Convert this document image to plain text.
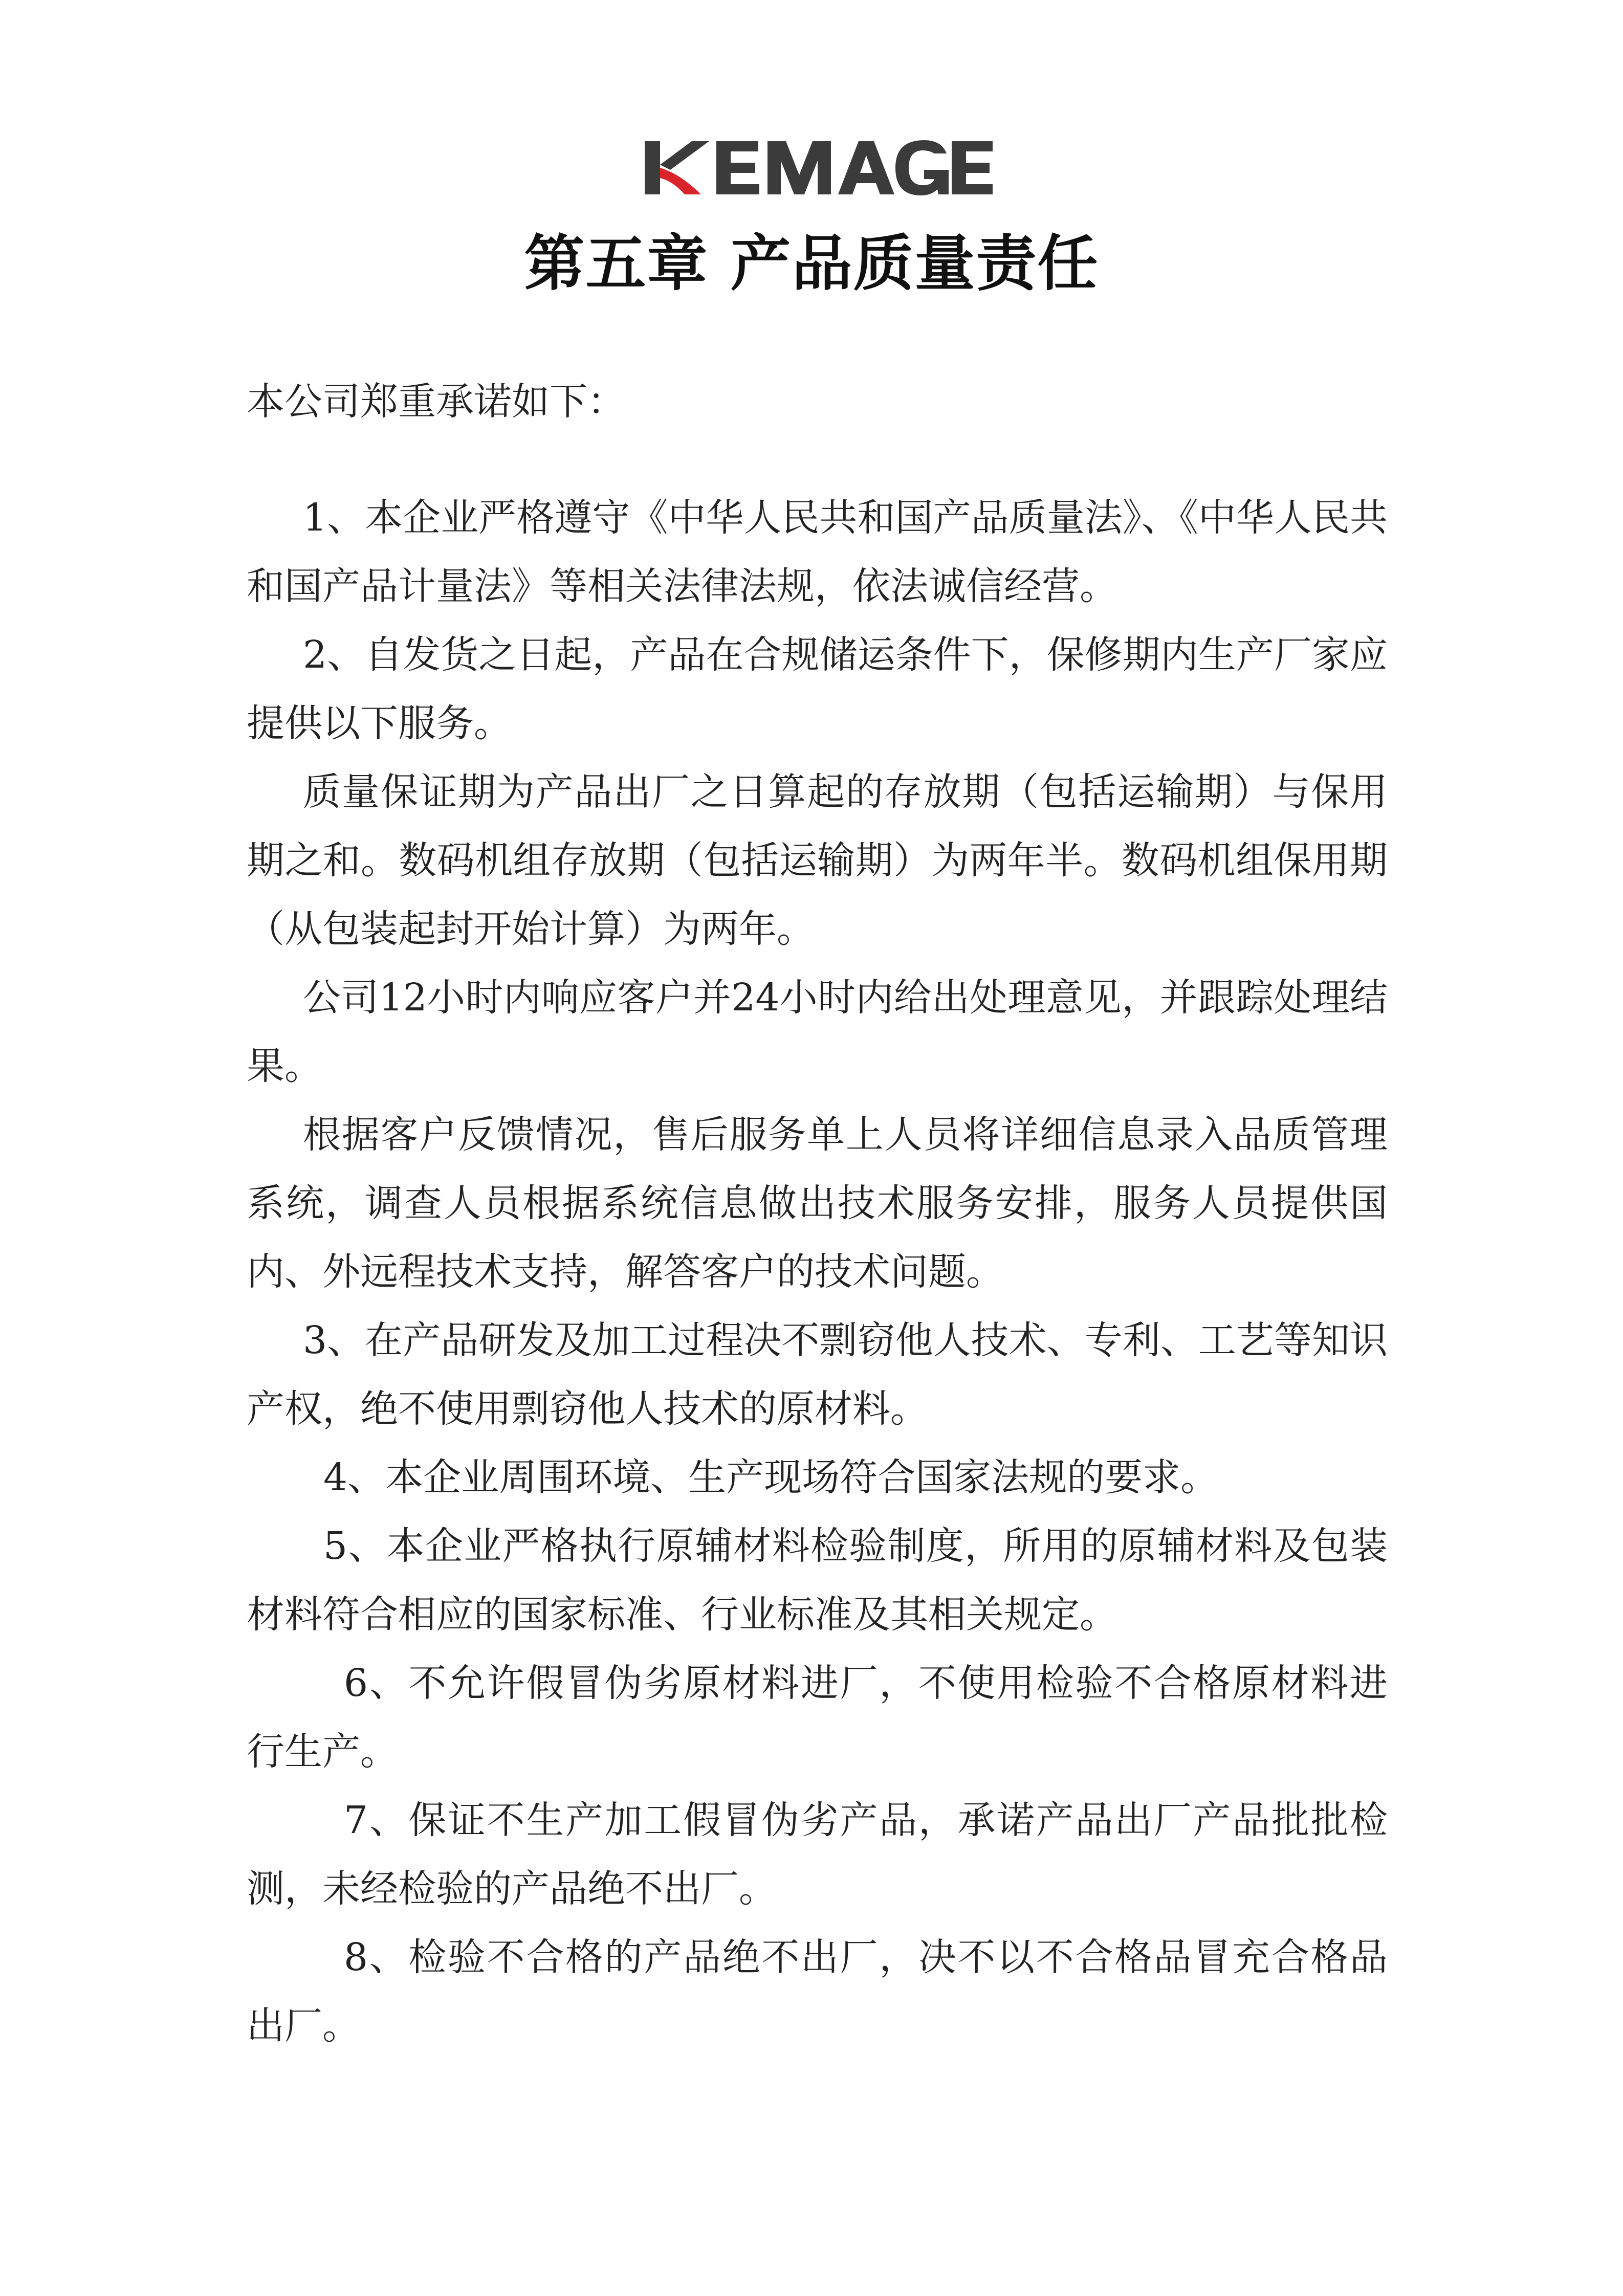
第五章 产品质量责任

本公司郑重承诺如下：

1、本企业严格遵守《中华人民共和国产品质量法》、《中华人民共和国产品计量法》等相关法律法规，依法诚信经营。

2、自发货之日起，产品在合规储运条件下，保修期内生产厂家应提供以下服务。

质量保证期为产品出厂之日算起的存放期（包括运输期）与保用期之和。数码机组存放期（包括运输期）为两年半。数码机组保用期（从包装起封开始计算）为两年。

公司12小时内响应客户并24小时内给出处理意见，并跟踪处理结果。

根据客户反馈情况，售后服务单上人员将详细信息录入品质管理系统，调查人员根据系统信息做出技术服务安排，服务人员提供国内、外远程技术支持，解答客户的技术问题。

3、在产品研发及加工过程决不剽窃他人技术、专利、工艺等知识产权，绝不使用剽窃他人技术的原材料。

4、本企业周围环境、生产现场符合国家法规的要求。

5、本企业严格执行原辅材料检验制度，所用的原辅材料及包装材料符合相应的国家标准、行业标准及其相关规定。

6、不允许假冒伪劣原材料进厂，不使用检验不合格原材料进行生产。

7、保证不生产加工假冒伪劣产品，承诺产品出厂产品批批检测，未经检验的产品绝不出厂。

8、检验不合格的产品绝不出厂，决不以不合格品冒充合格品出厂。
